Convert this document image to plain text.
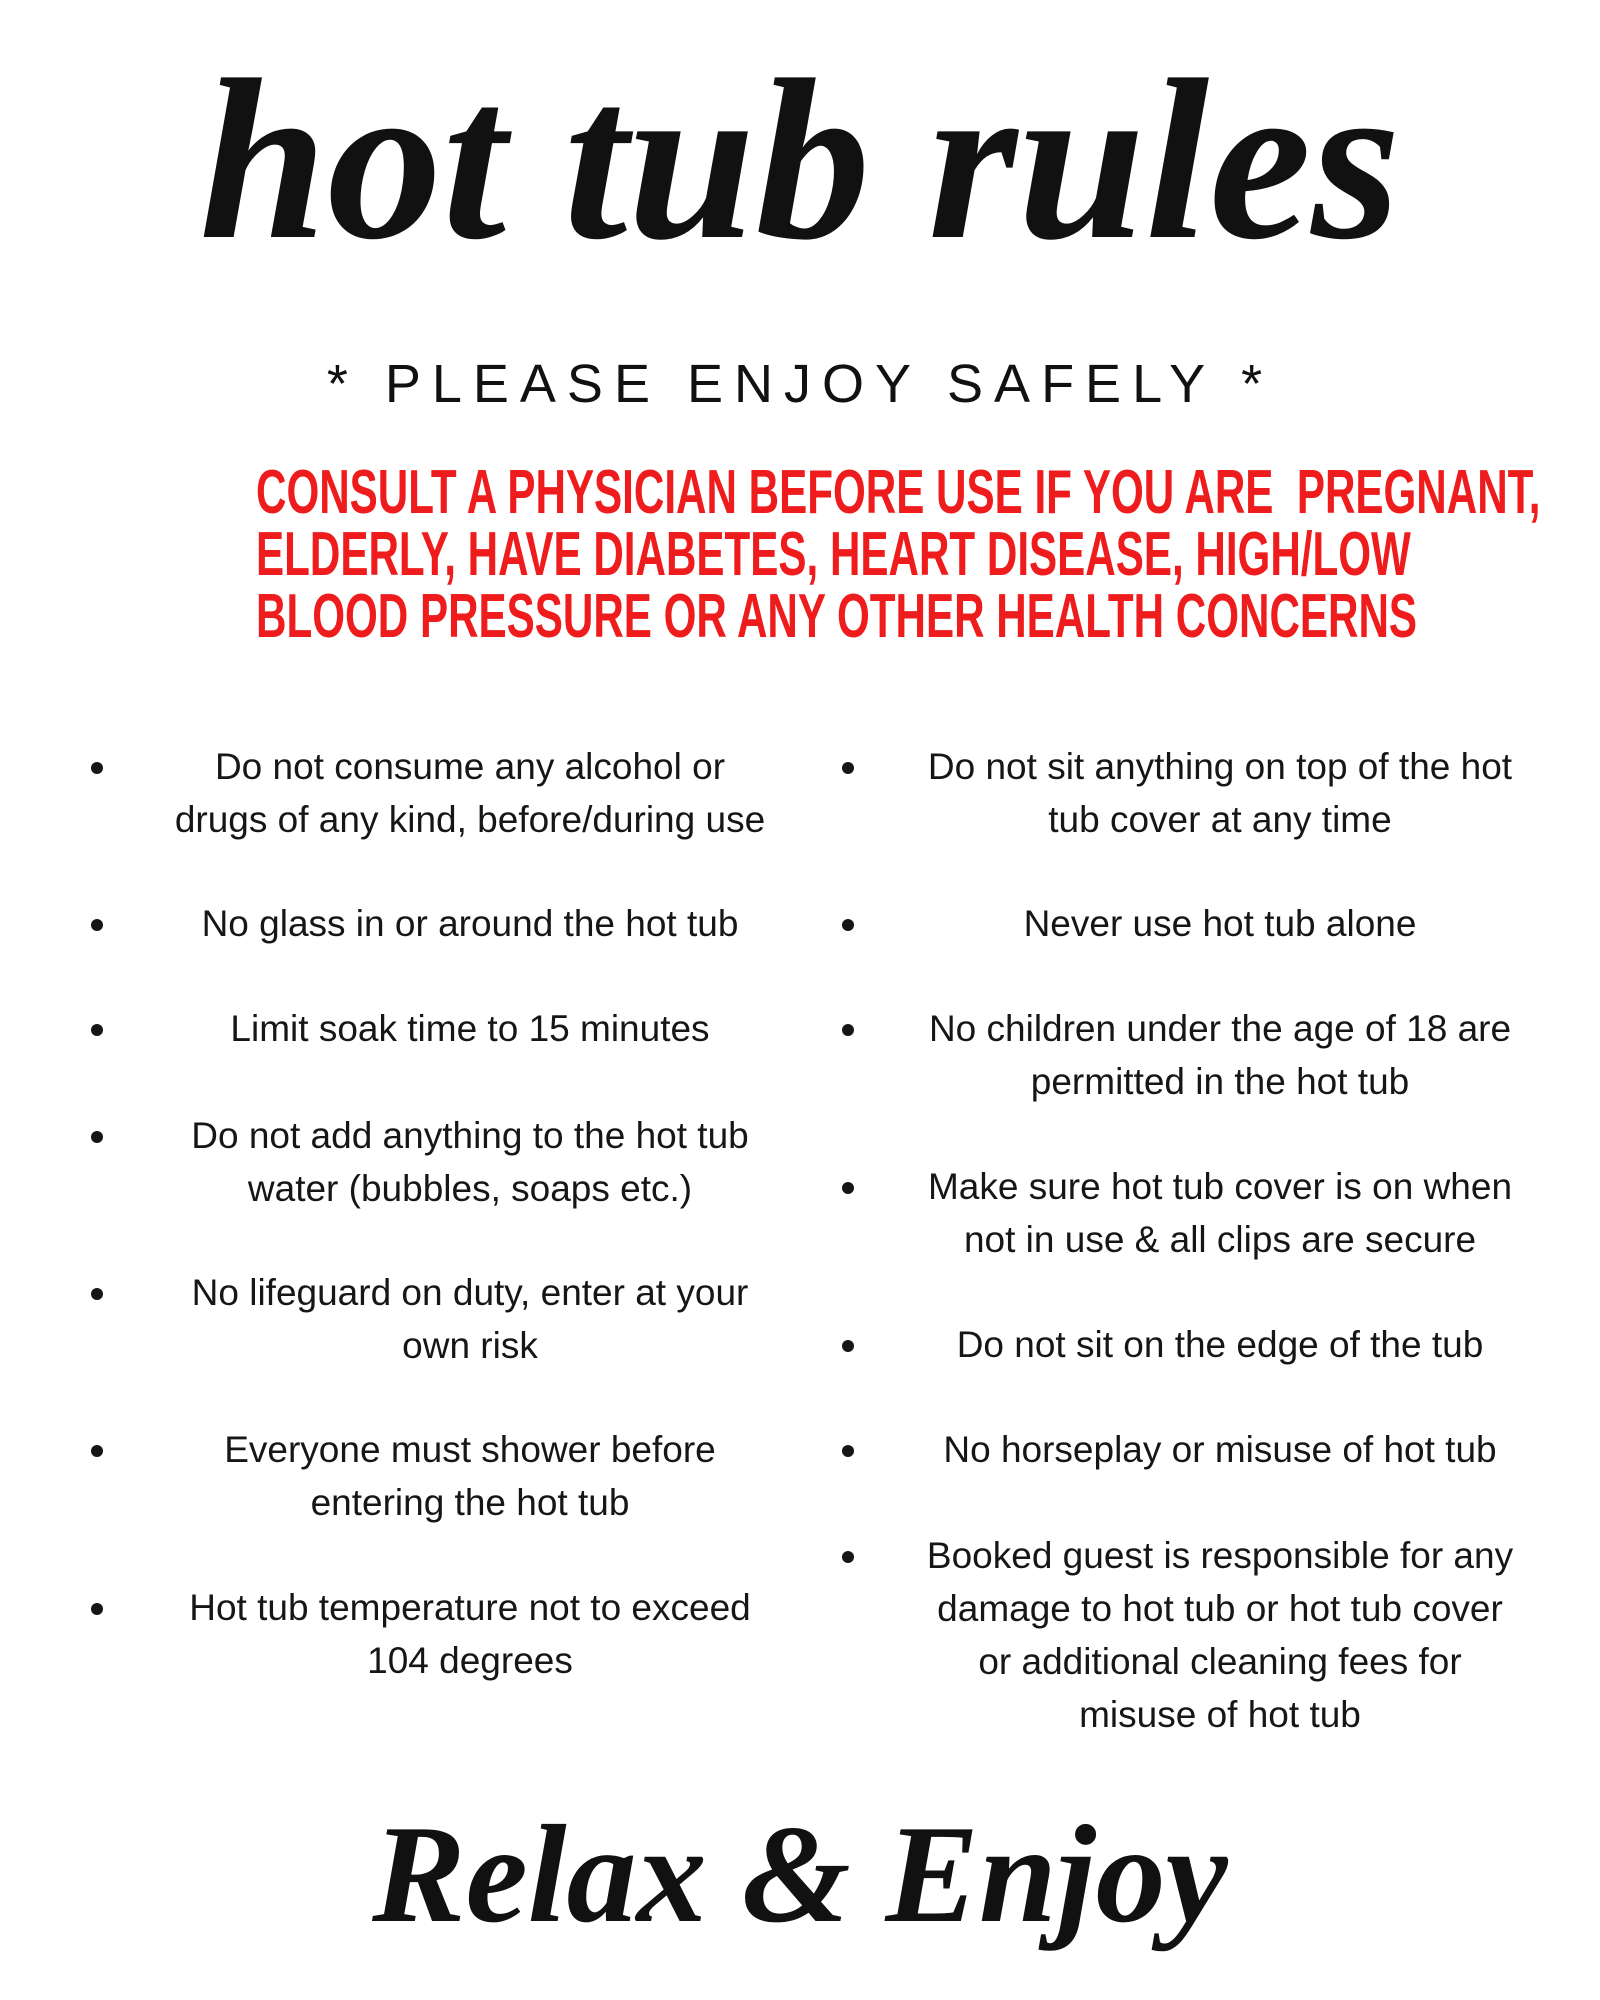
hot tub rules
* PLEASE ENJOY SAFELY *
CONSULT A PHYSICIAN BEFORE USE IF YOU ARE  PREGNANT,
ELDERLY, HAVE DIABETES, HEART DISEASE, HIGH/LOW
BLOOD PRESSURE OR ANY OTHER HEALTH CONCERNS
Do not consume any alcohol or
drugs of any kind, before/during use
No glass in or around the hot tub
Limit soak time to 15 minutes
Do not add anything to the hot tub
water (bubbles, soaps etc.)
No lifeguard on duty, enter at your
own risk
Everyone must shower before
entering the hot tub
Hot tub temperature not to exceed
104 degrees
Do not sit anything on top of the hot
tub cover at any time
Never use hot tub alone
No children under the age of 18 are
permitted in the hot tub
Make sure hot tub cover is on when
not in use & all clips are secure
Do not sit on the edge of the tub
No horseplay or misuse of hot tub
Booked guest is responsible for any
damage to hot tub or hot tub cover
or additional cleaning fees for
misuse of hot tub
Relax & Enjoy
